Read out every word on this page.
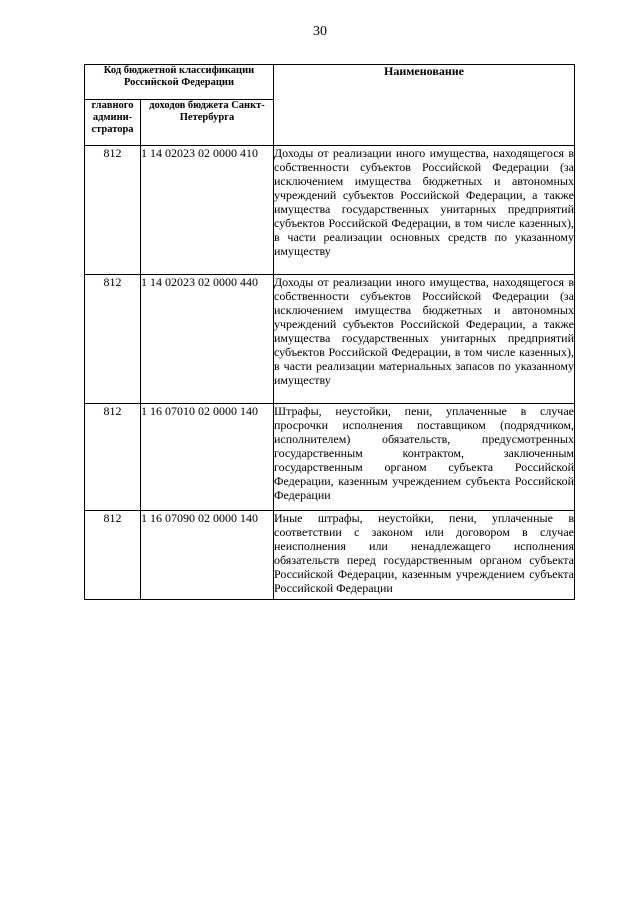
30
Код бюджетной классификации Российской Федерации		Наименование
главного админи-стратора	доходов бюджета Санкт-Петербурга	
812	1 14 02023 02 0000 410	Доходы от реализации иного имущества, находящегося в собственности субъектов Российской Федерации (за исключением имущества бюджетных и автономных учреждений субъектов Российской Федерации, а также имущества государственных унитарных предприятий субъектов Российской Федерации, в том числе казенных), в части реализации основных средств по указанному имуществу
812	1 14 02023 02 0000 440	Доходы от реализации иного имущества, находящегося в собственности субъектов Российской Федерации (за исключением имущества бюджетных и автономных учреждений субъектов Российской Федерации, а также имущества государственных унитарных предприятий субъектов Российской Федерации, в том числе казенных), в части реализации материальных запасов по указанному имуществу
812	1 16 07010 02 0000 140	Штрафы, неустойки, пени, уплаченные в случае просрочки исполнения поставщиком (подрядчиком, исполнителем) обязательств, предусмотренных государственным контрактом, заключенным государственным органом субъекта Российской Федерации, казенным учреждением субъекта Российской Федерации
812	1 16 07090 02 0000 140	Иные штрафы, неустойки, пени, уплаченные в соответствии с законом или договором в случае неисполнения или ненадлежащего исполнения обязательств перед государственным органом субъекта Российской Федерации, казенным учреждением субъекта Российской Федерации
